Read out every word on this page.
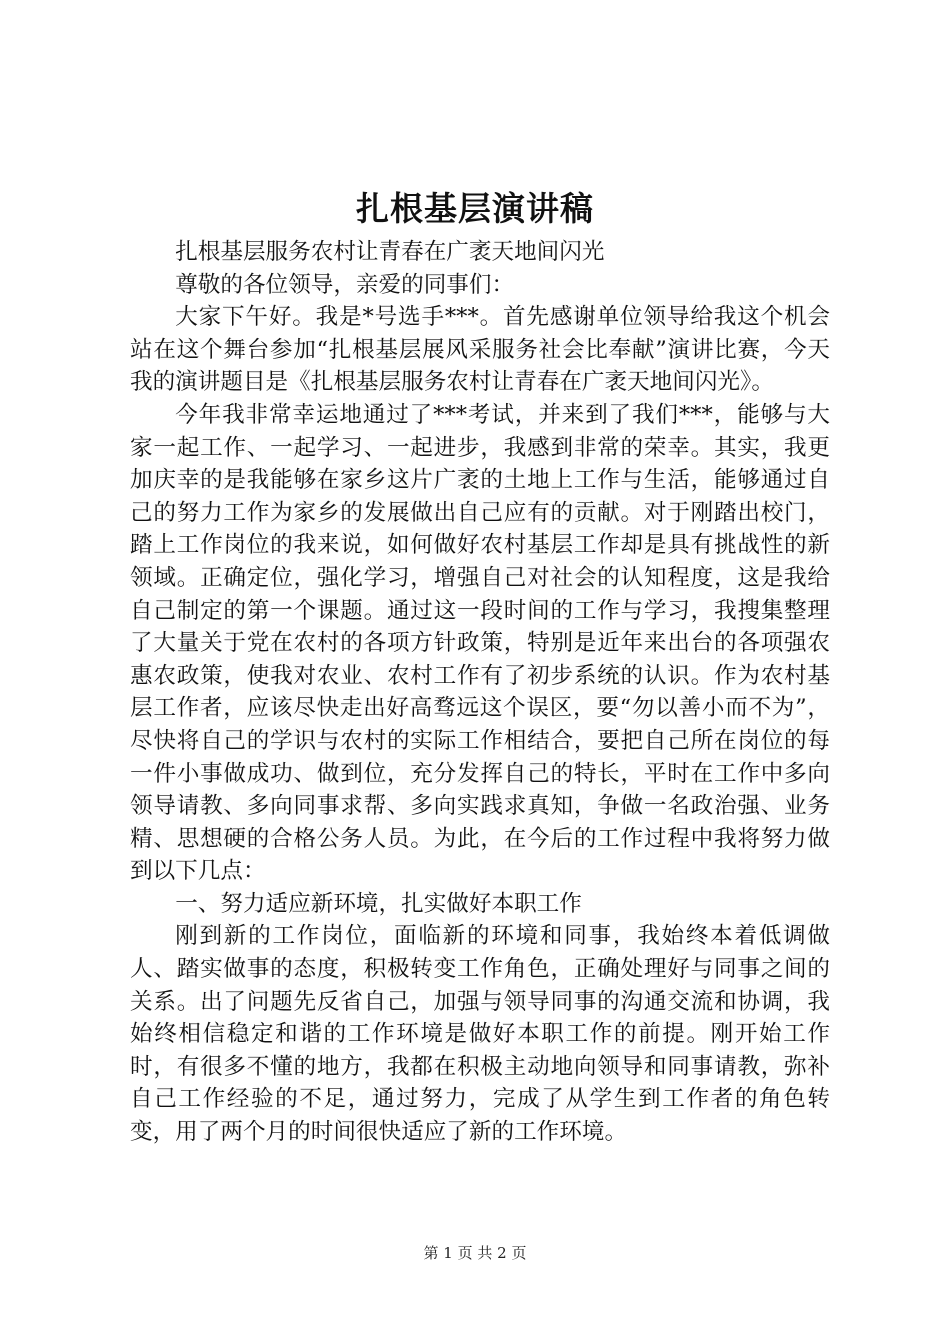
扎根基层演讲稿

扎根基层服务农村让青春在广袤天地间闪光

尊敬的各位领导，亲爱的同事们：

大家下午好。我是*号选手***。首先感谢单位领导给我这个机会站在这个舞台参加“扎根基层展风采服务社会比奉献”演讲比赛，今天我的演讲题目是《扎根基层服务农村让青春在广袤天地间闪光》。

今年我非常幸运地通过了***考试，并来到了我们***，能够与大家一起工作、一起学习、一起进步，我感到非常的荣幸。其实，我更加庆幸的是我能够在家乡这片广袤的土地上工作与生活，能够通过自己的努力工作为家乡的发展做出自己应有的贡献。对于刚踏出校门，踏上工作岗位的我来说，如何做好农村基层工作却是具有挑战性的新领域。正确定位，强化学习，增强自己对社会的认知程度，这是我给自己制定的第一个课题。通过这一段时间的工作与学习，我搜集整理了大量关于党在农村的各项方针政策，特别是近年来出台的各项强农惠农政策，使我对农业、农村工作有了初步系统的认识。作为农村基层工作者，应该尽快走出好高骛远这个误区，要“勿以善小而不为”，尽快将自己的学识与农村的实际工作相结合，要把自己所在岗位的每一件小事做成功、做到位，充分发挥自己的特长，平时在工作中多向领导请教、多向同事求帮、多向实践求真知，争做一名政治强、业务精、思想硬的合格公务人员。为此，在今后的工作过程中我将努力做到以下几点：

一、努力适应新环境，扎实做好本职工作

刚到新的工作岗位，面临新的环境和同事，我始终本着低调做人、踏实做事的态度，积极转变工作角色，正确处理好与同事之间的关系。出了问题先反省自己，加强与领导同事的沟通交流和协调，我始终相信稳定和谐的工作环境是做好本职工作的前提。刚开始工作时，有很多不懂的地方，我都在积极主动地向领导和同事请教，弥补自己工作经验的不足，通过努力，完成了从学生到工作者的角色转变，用了两个月的时间很快适应了新的工作环境。

第 1 页 共 2 页
